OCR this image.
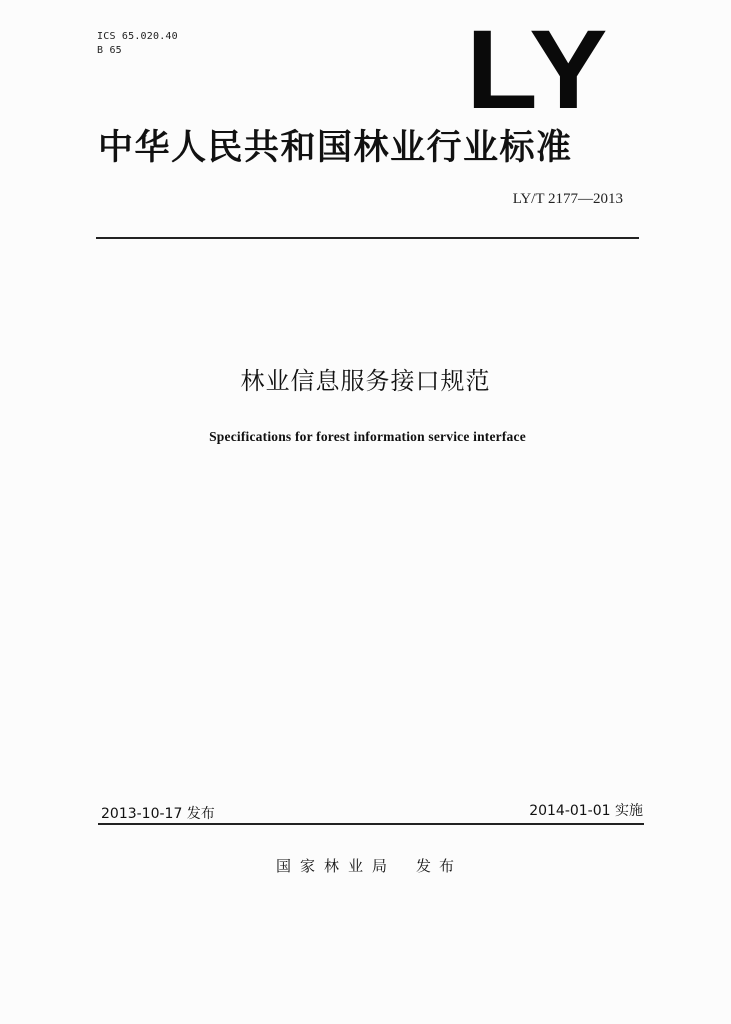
ICS 65.020.40
B 65	LY
中华人民共和国林业行业标准
LY/T 2177—2013
林业信息服务接口规范
Specifications for forest information service interface
2013-10-17 发布	2014-01-01 实施
国家林业局 发布
